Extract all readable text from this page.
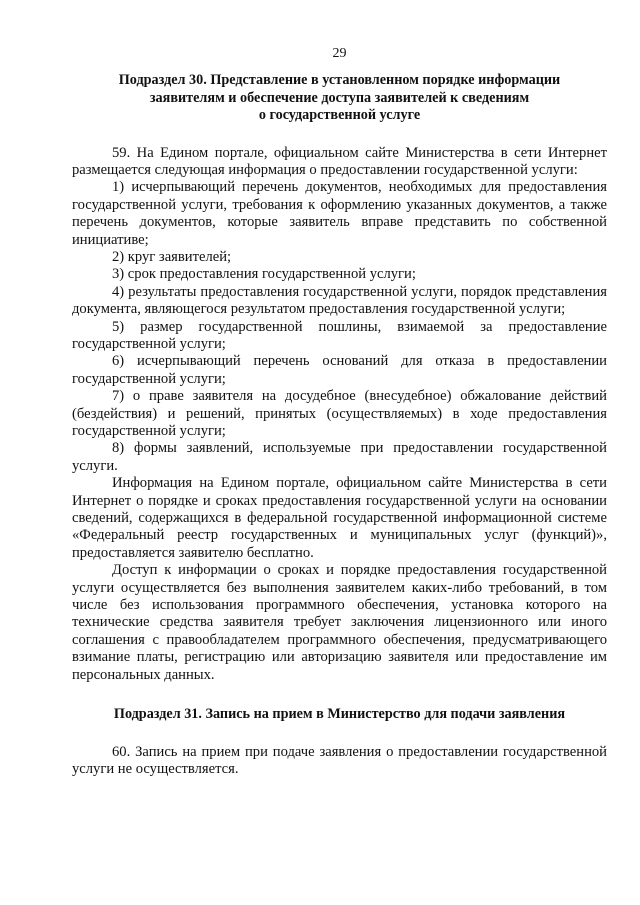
29
Подраздел 30. Представление в установленном порядке информации
заявителям и обеспечение доступа заявителей к сведениям
о государственной услуге

59. На Едином портале, официальном сайте Министерства в сети Интернет размещается следующая информация о предоставлении государственной услуги:

1) исчерпывающий перечень документов, необходимых для предоставления государственной услуги, требования к оформлению указанных документов, а также перечень документов, которые заявитель вправе представить по собственной инициативе;

2) круг заявителей;

3) срок предоставления государственной услуги;

4) результаты предоставления государственной услуги, порядок представления документа, являющегося результатом предоставления государственной услуги;

5) размер государственной пошлины, взимаемой за предоставление государственной услуги;

6) исчерпывающий перечень оснований для отказа в предоставлении государственной услуги;

7) о праве заявителя на досудебное (внесудебное) обжалование действий (бездействия) и решений, принятых (осуществляемых) в ходе предоставления государственной услуги;

8) формы заявлений, используемые при предоставлении государственной услуги.

Информация на Едином портале, официальном сайте Министерства в сети Интернет о порядке и сроках предоставления государственной услуги на основании сведений, содержащихся в федеральной государственной информационной системе «Федеральный реестр государственных и муниципальных услуг (функций)», предоставляется заявителю бесплатно.

Доступ к информации о сроках и порядке предоставления государственной услуги осуществляется без выполнения заявителем каких-либо требований, в том числе без использования программного обеспечения, установка которого на технические средства заявителя требует заключения лицензионного или иного соглашения с правообладателем программного обеспечения, предусматривающего взимание платы, регистрацию или авторизацию заявителя или предоставление им персональных данных.

Подраздел 31. Запись на прием в Министерство для подачи заявления

60. Запись на прием при подаче заявления о предоставлении государственной услуги не осуществляется.
